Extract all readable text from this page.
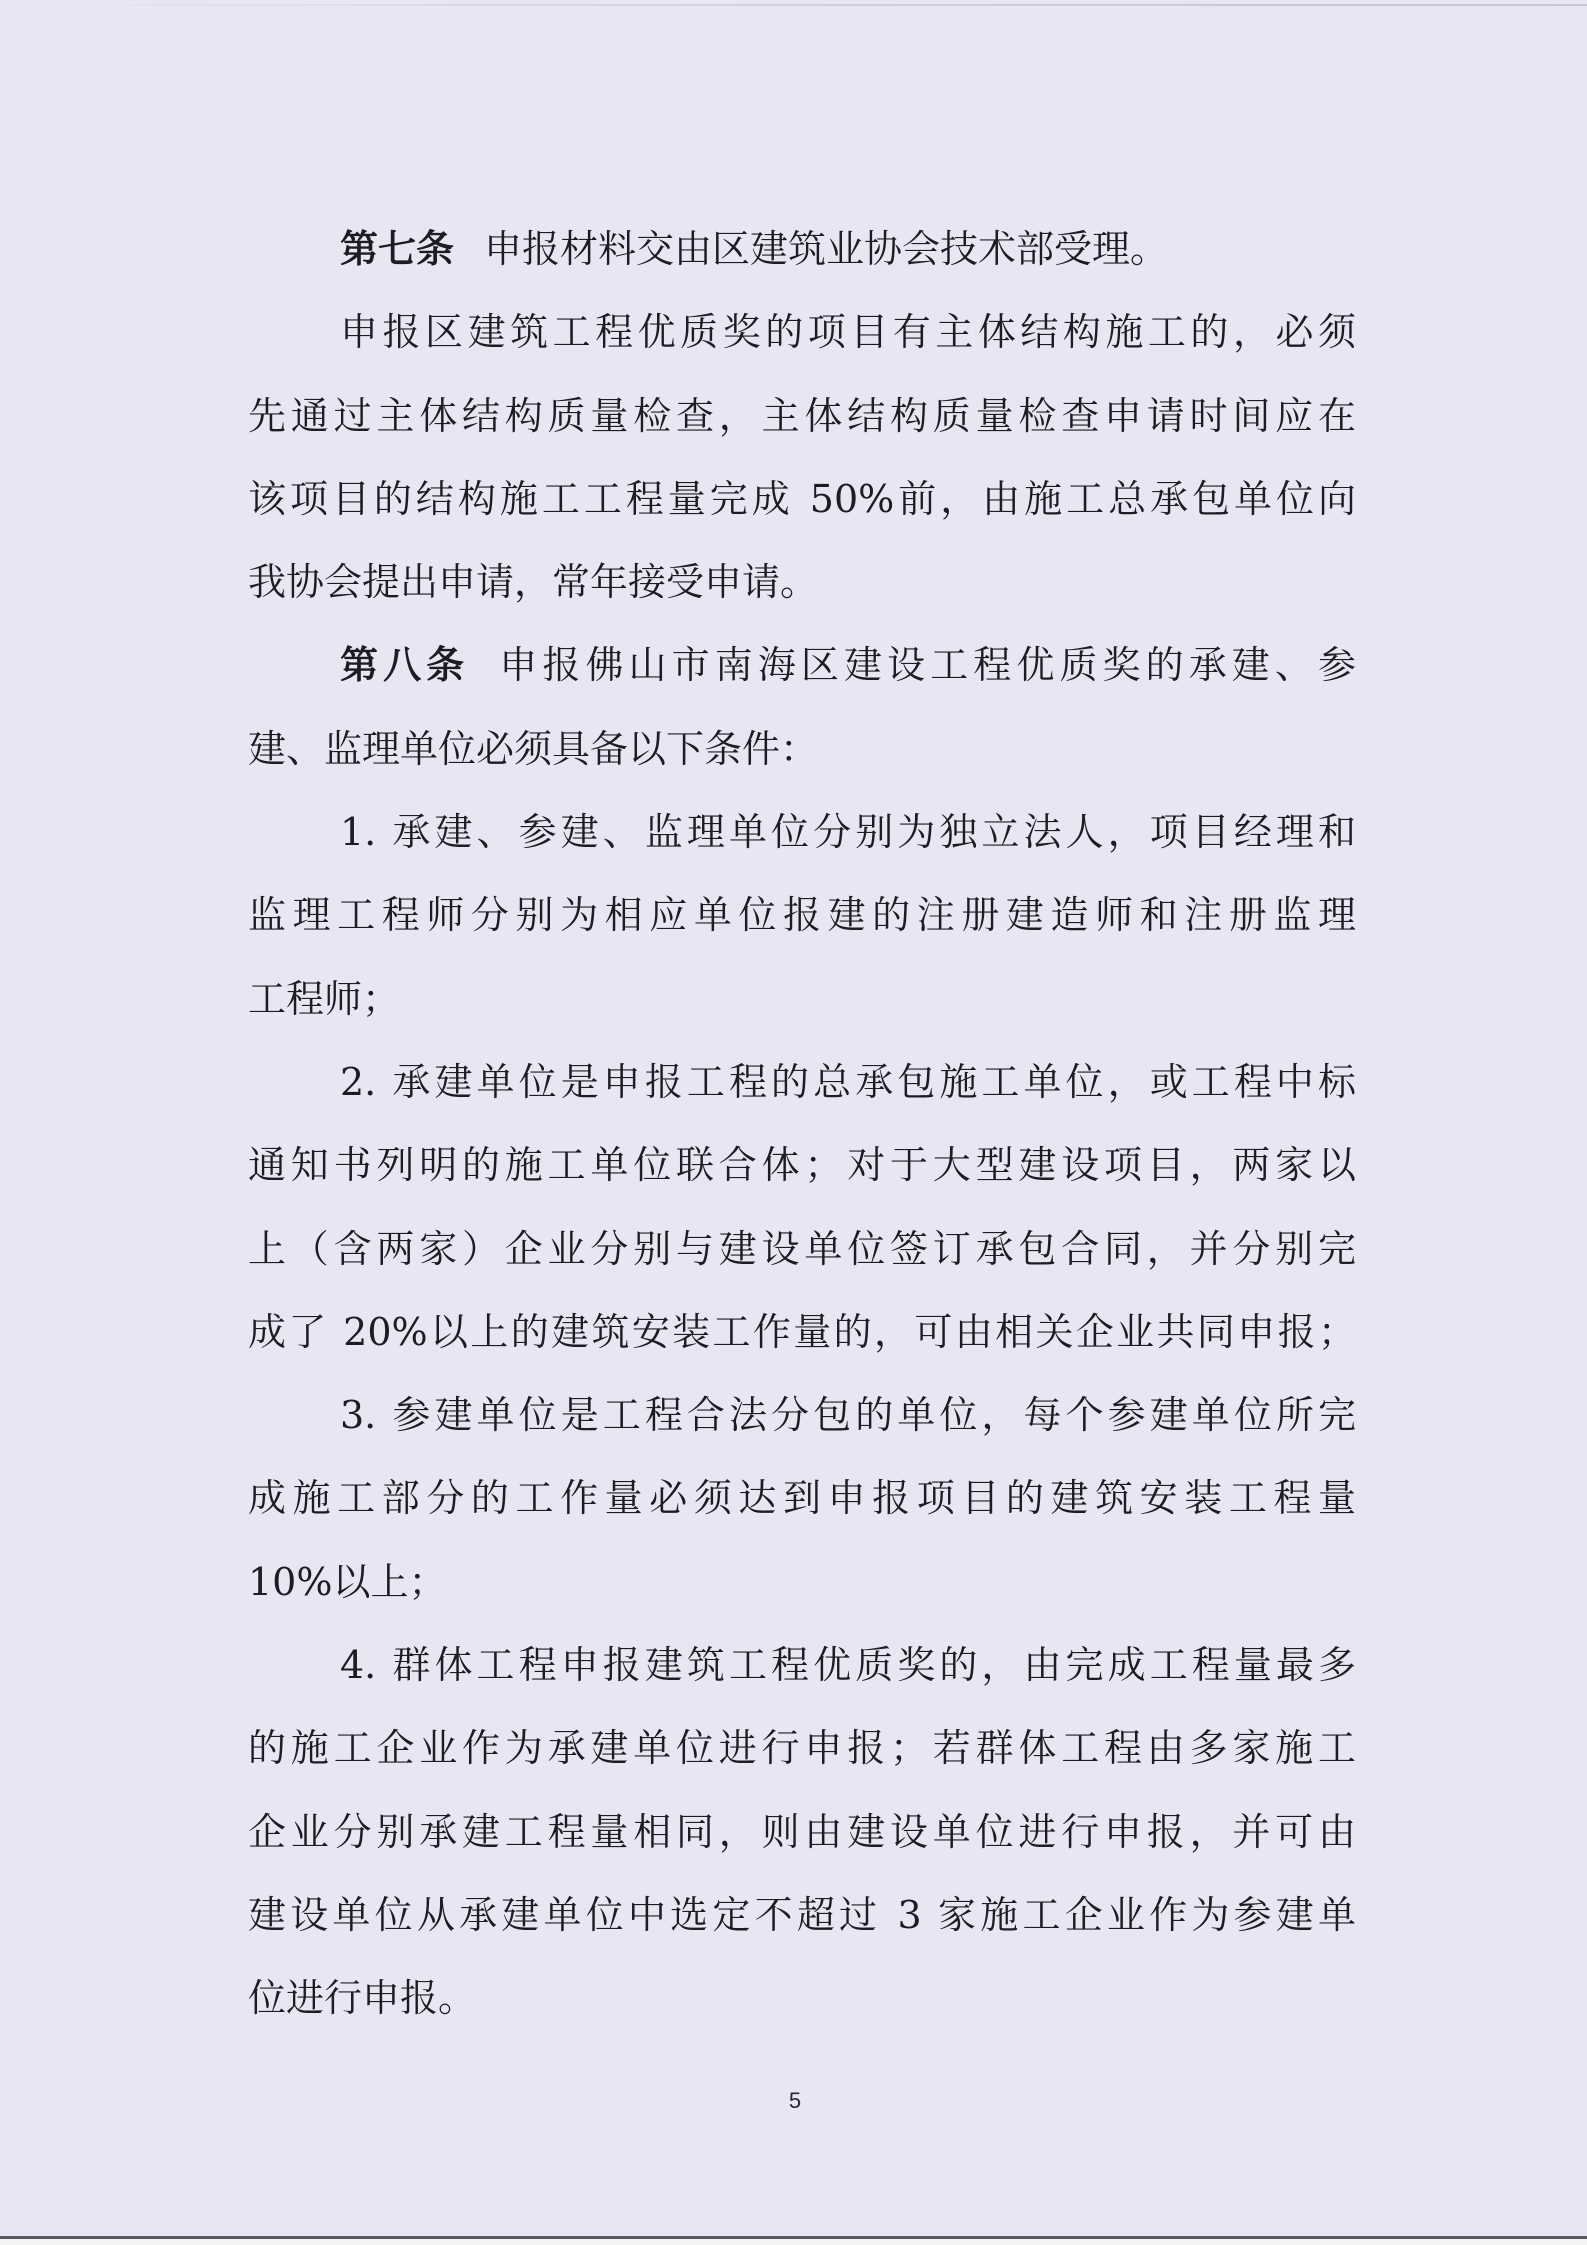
第七条 申报材料交由区建筑业协会技术部受理。
申报区建筑工程优质奖的项目有主体结构施工的，必须
先通过主体结构质量检查，主体结构质量检查申请时间应在
该项目的结构施工工程量完成 50%前，由施工总承包单位向
我协会提出申请，常年接受申请。
第八条 申报佛山市南海区建设工程优质奖的承建、参
建、监理单位必须具备以下条件：
1. 承建、参建、监理单位分别为独立法人，项目经理和
监理工程师分别为相应单位报建的注册建造师和注册监理
工程师；
2. 承建单位是申报工程的总承包施工单位，或工程中标
通知书列明的施工单位联合体；对于大型建设项目，两家以
上（含两家）企业分别与建设单位签订承包合同，并分别完
成了 20%以上的建筑安装工作量的，可由相关企业共同申报；
3. 参建单位是工程合法分包的单位，每个参建单位所完
成施工部分的工作量必须达到申报项目的建筑安装工程量
10%以上；
4. 群体工程申报建筑工程优质奖的，由完成工程量最多
的施工企业作为承建单位进行申报；若群体工程由多家施工
企业分别承建工程量相同，则由建设单位进行申报，并可由
建设单位从承建单位中选定不超过 3 家施工企业作为参建单
位进行申报。
5
